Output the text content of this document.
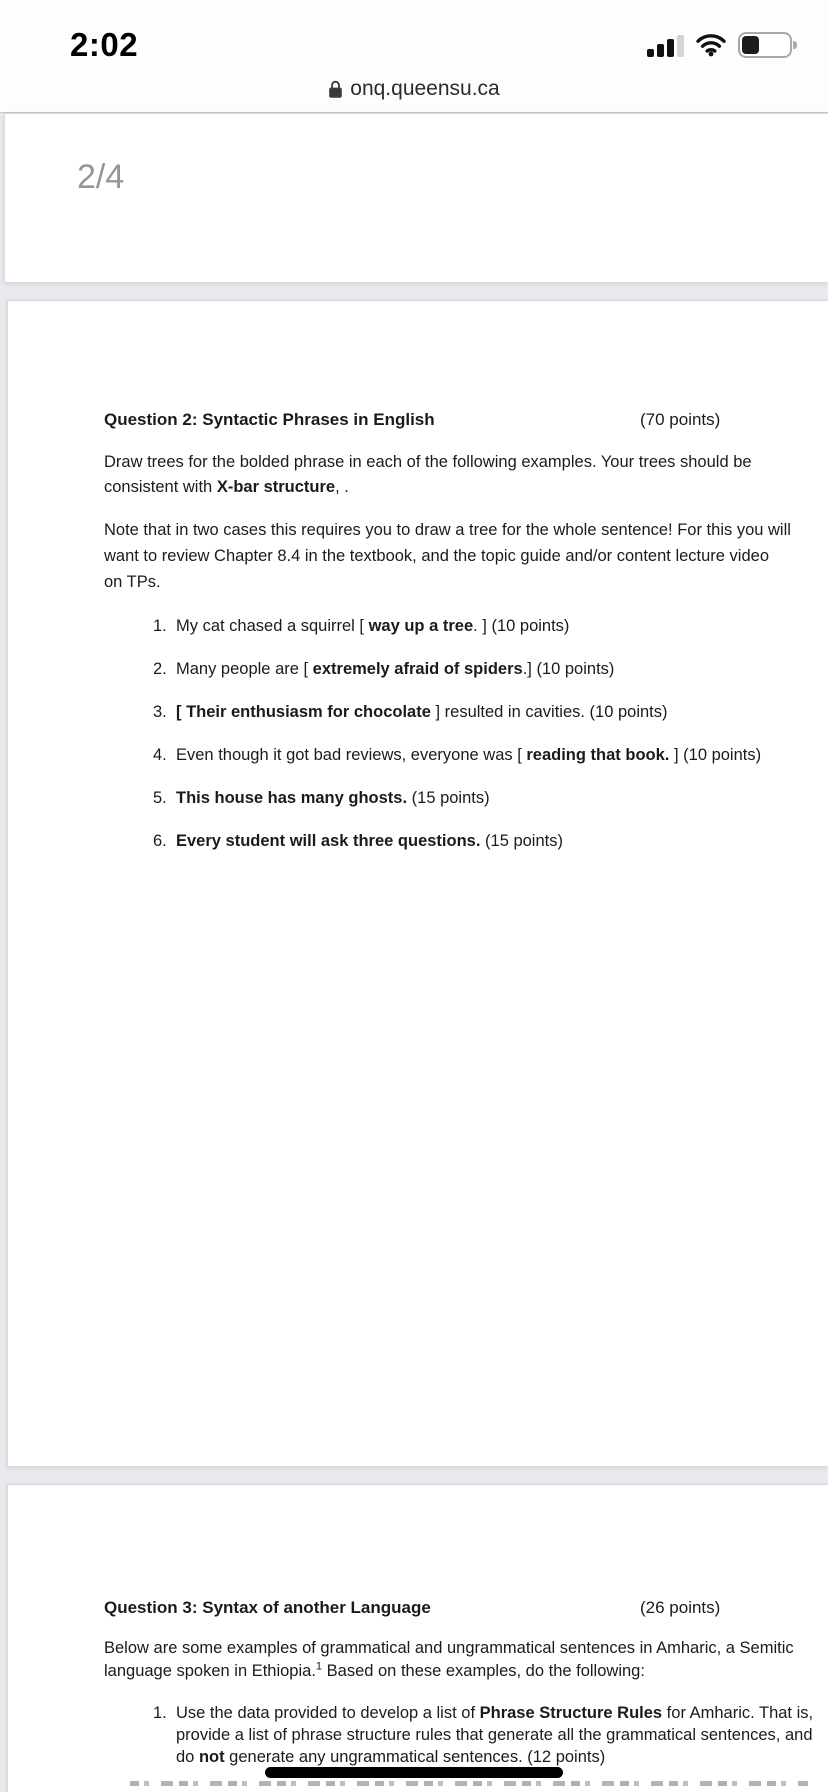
2:02
onq.queensu.ca
2/4
Question 2: Syntactic Phrases in English	(70 points)
Draw trees for the bolded phrase in each of the following examples. Your trees should be
consistent with X-bar structure, .
Note that in two cases this requires you to draw a tree for the whole sentence! For this you will
want to review Chapter 8.4 in the textbook, and the topic guide and/or content lecture video
on TPs.
1. My cat chased a squirrel [ way up a tree. ] (10 points)
2. Many people are [ extremely afraid of spiders.] (10 points)
3. [ Their enthusiasm for chocolate ] resulted in cavities. (10 points)
4. Even though it got bad reviews, everyone was [ reading that book. ] (10 points)
5. This house has many ghosts. (15 points)
6. Every student will ask three questions. (15 points)
Question 3: Syntax of another Language	(26 points)
Below are some examples of grammatical and ungrammatical sentences in Amharic, a Semitic
language spoken in Ethiopia.$^1$ Based on these examples, do the following:
1. Use the data provided to develop a list of Phrase Structure Rules for Amharic. That is,
provide a list of phrase structure rules that generate all the grammatical sentences, and
do not generate any ungrammatical sentences. (12 points)
